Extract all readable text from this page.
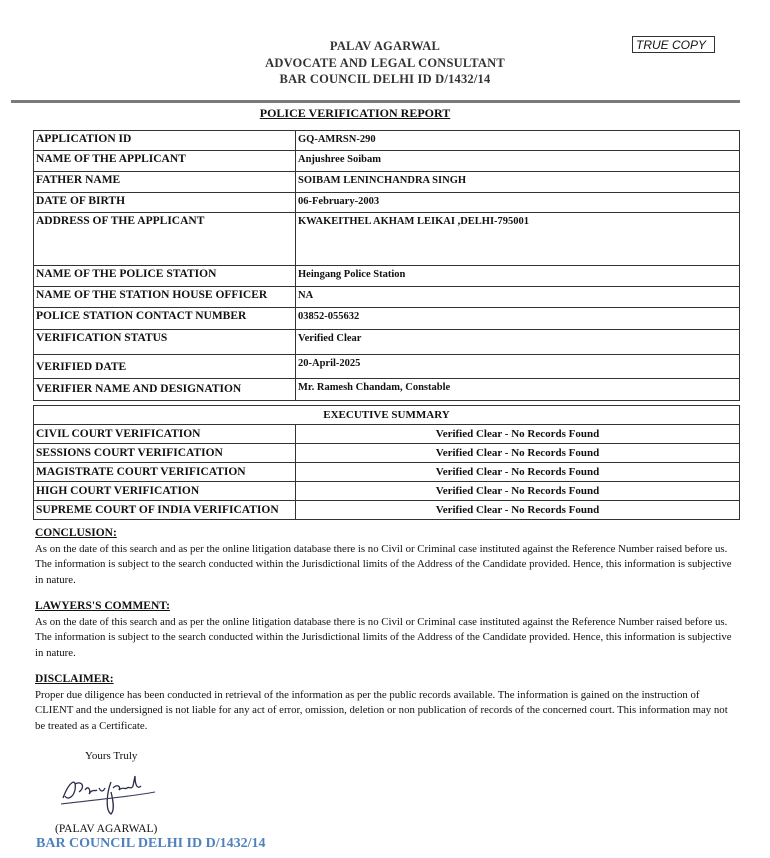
PALAV AGARWAL
ADVOCATE AND LEGAL CONSULTANT
BAR COUNCIL DELHI ID D/1432/14
TRUE COPY
POLICE VERIFICATION REPORT
APPLICATION ID	GQ-AMRSN-290
NAME OF THE APPLICANT	Anjushree Soibam
FATHER NAME	SOIBAM LENINCHANDRA SINGH
DATE OF BIRTH	06-February-2003
ADDRESS OF THE APPLICANT	KWAKEITHEL AKHAM LEIKAI ,DELHI-795001
NAME OF THE POLICE STATION	Heingang Police Station
NAME OF THE STATION HOUSE OFFICER	NA
POLICE STATION CONTACT NUMBER	03852-055632
VERIFICATION STATUS	Verified Clear
VERIFIED DATE	20-April-2025
VERIFIER NAME AND DESIGNATION	Mr. Ramesh Chandam, Constable
EXECUTIVE SUMMARY	
CIVIL COURT VERIFICATION	Verified Clear - No Records Found
SESSIONS COURT VERIFICATION	Verified Clear - No Records Found
MAGISTRATE COURT VERIFICATION	Verified Clear - No Records Found
HIGH COURT VERIFICATION	Verified Clear - No Records Found
SUPREME COURT OF INDIA VERIFICATION	Verified Clear - No Records Found
CONCLUSION:
As on the date of this search and as per the online litigation database there is no Civil or Criminal case instituted against the Reference Number raised before us. The information is subject to the search conducted within the Jurisdictional limits of the Address of the Candidate provided. Hence, this information is subjective in nature.
LAWYERS'S COMMENT:
As on the date of this search and as per the online litigation database there is no Civil or Criminal case instituted against the Reference Number raised before us. The information is subject to the search conducted within the Jurisdictional limits of the Address of the Candidate provided. Hence, this information is subjective in nature.
DISCLAIMER:
Proper due diligence has been conducted in retrieval of the information as per the public records available. The information is gained on the instruction of CLIENT and the undersigned is not liable for any act of error, omission, deletion or non publication of records of the concerned court. This information may not be treated as a Certificate.
Yours Truly
(PALAV AGARWAL)
BAR COUNCIL DELHI ID D/1432/14
